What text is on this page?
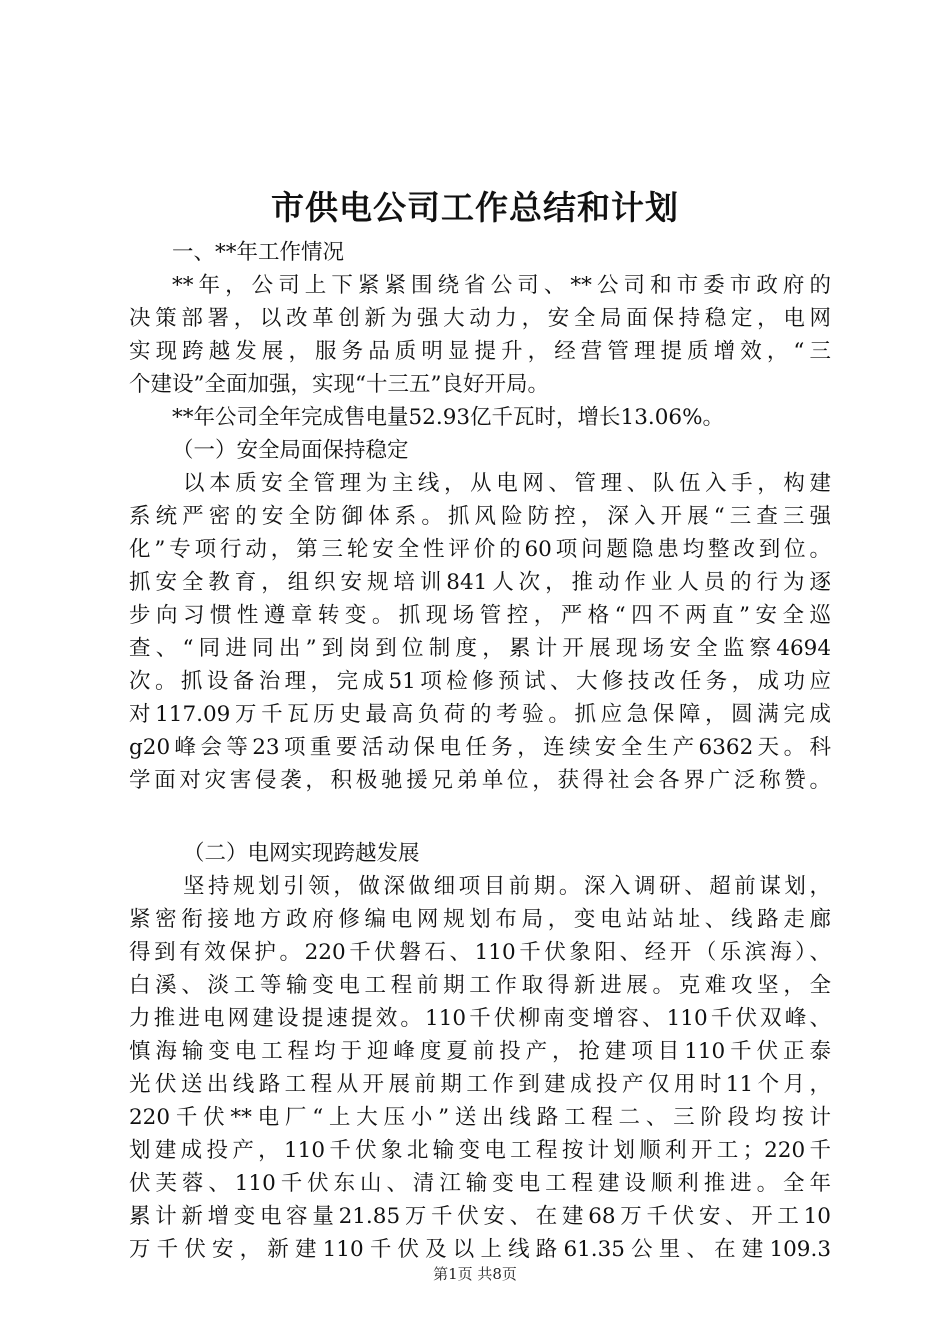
市供电公司工作总结和计划
一、**年工作情况
**年，公司上下紧紧围绕省公司、**公司和市委市政府的
决策部署，以改革创新为强大动力，安全局面保持稳定，电网
实现跨越发展，服务品质明显提升，经营管理提质增效，“三
个建设”全面加强，实现“十三五”良好开局。
**年公司全年完成售电量52.93亿千瓦时，增长13.06%。
（一）安全局面保持稳定
以本质安全管理为主线，从电网、管理、队伍入手，构建
系统严密的安全防御体系。抓风险防控，深入开展“三查三强
化”专项行动，第三轮安全性评价的60项问题隐患均整改到位。
抓安全教育，组织安规培训841人次，推动作业人员的行为逐
步向习惯性遵章转变。抓现场管控，严格“四不两直”安全巡
查、“同进同出”到岗到位制度，累计开展现场安全监察4694
次。抓设备治理，完成51项检修预试、大修技改任务，成功应
对117.09万千瓦历史最高负荷的考验。抓应急保障，圆满完成
g20峰会等23项重要活动保电任务，连续安全生产6362天。科
学面对灾害侵袭，积极驰援兄弟单位，获得社会各界广泛称赞。
（二）电网实现跨越发展
坚持规划引领，做深做细项目前期。深入调研、超前谋划，
紧密衔接地方政府修编电网规划布局，变电站站址、线路走廊
得到有效保护。220千伏磐石、110千伏象阳、经开（乐滨海）、
白溪、淡工等输变电工程前期工作取得新进展。克难攻坚，全
力推进电网建设提速提效。110千伏柳南变增容、110千伏双峰、
慎海输变电工程均于迎峰度夏前投产，抢建项目110千伏正泰
光伏送出线路工程从开展前期工作到建成投产仅用时11个月，
220千伏**电厂“上大压小”送出线路工程二、三阶段均按计
划建成投产，110千伏象北输变电工程按计划顺利开工；220千
伏芙蓉、110千伏东山、清江输变电工程建设顺利推进。全年
累计新增变电容量21.85万千伏安、在建68万千伏安、开工10
万千伏安，新建110千伏及以上线路61.35公里、在建109.3
第1页 共8页
